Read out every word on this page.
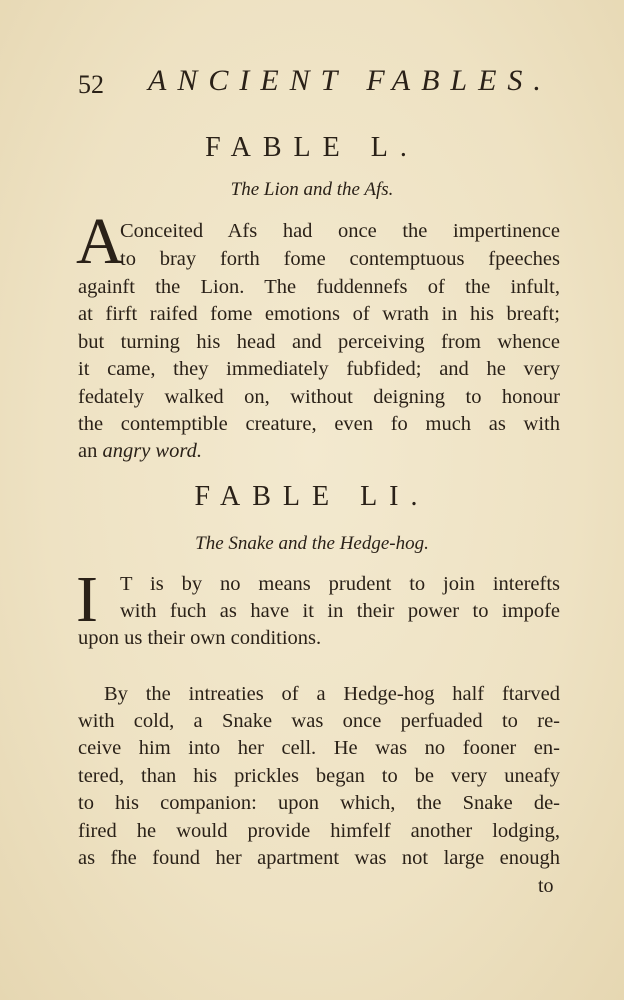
52 ANCIENT FABLES.
FABLE L.
The Lion and the Afs.
A
Conceited Afs had once the impertinence
to bray forth fome contemptuous fpeeches
againft the Lion. The fuddennefs of the infult,
at firft raifed fome emotions of wrath in his breaft;
but turning his head and perceiving from whence
it came, they immediately fubfided; and he very
fedately walked on, without deigning to honour
the contemptible creature, even fo much as with
an angry word.
FABLE LI.
The Snake and the Hedge-hog.
I T is by no means prudent to join interefts
with fuch as have it in their power to impofe
upon us their own conditions.
By the intreaties of a Hedge-hog half ftarved
with cold, a Snake was once perfuaded to re-
ceive him into her cell. He was no fooner en-
tered, than his prickles began to be very uneafy
to his companion: upon which, the Snake de-
fired he would provide himfelf another lodging,
as fhe found her apartment was not large enough
to
